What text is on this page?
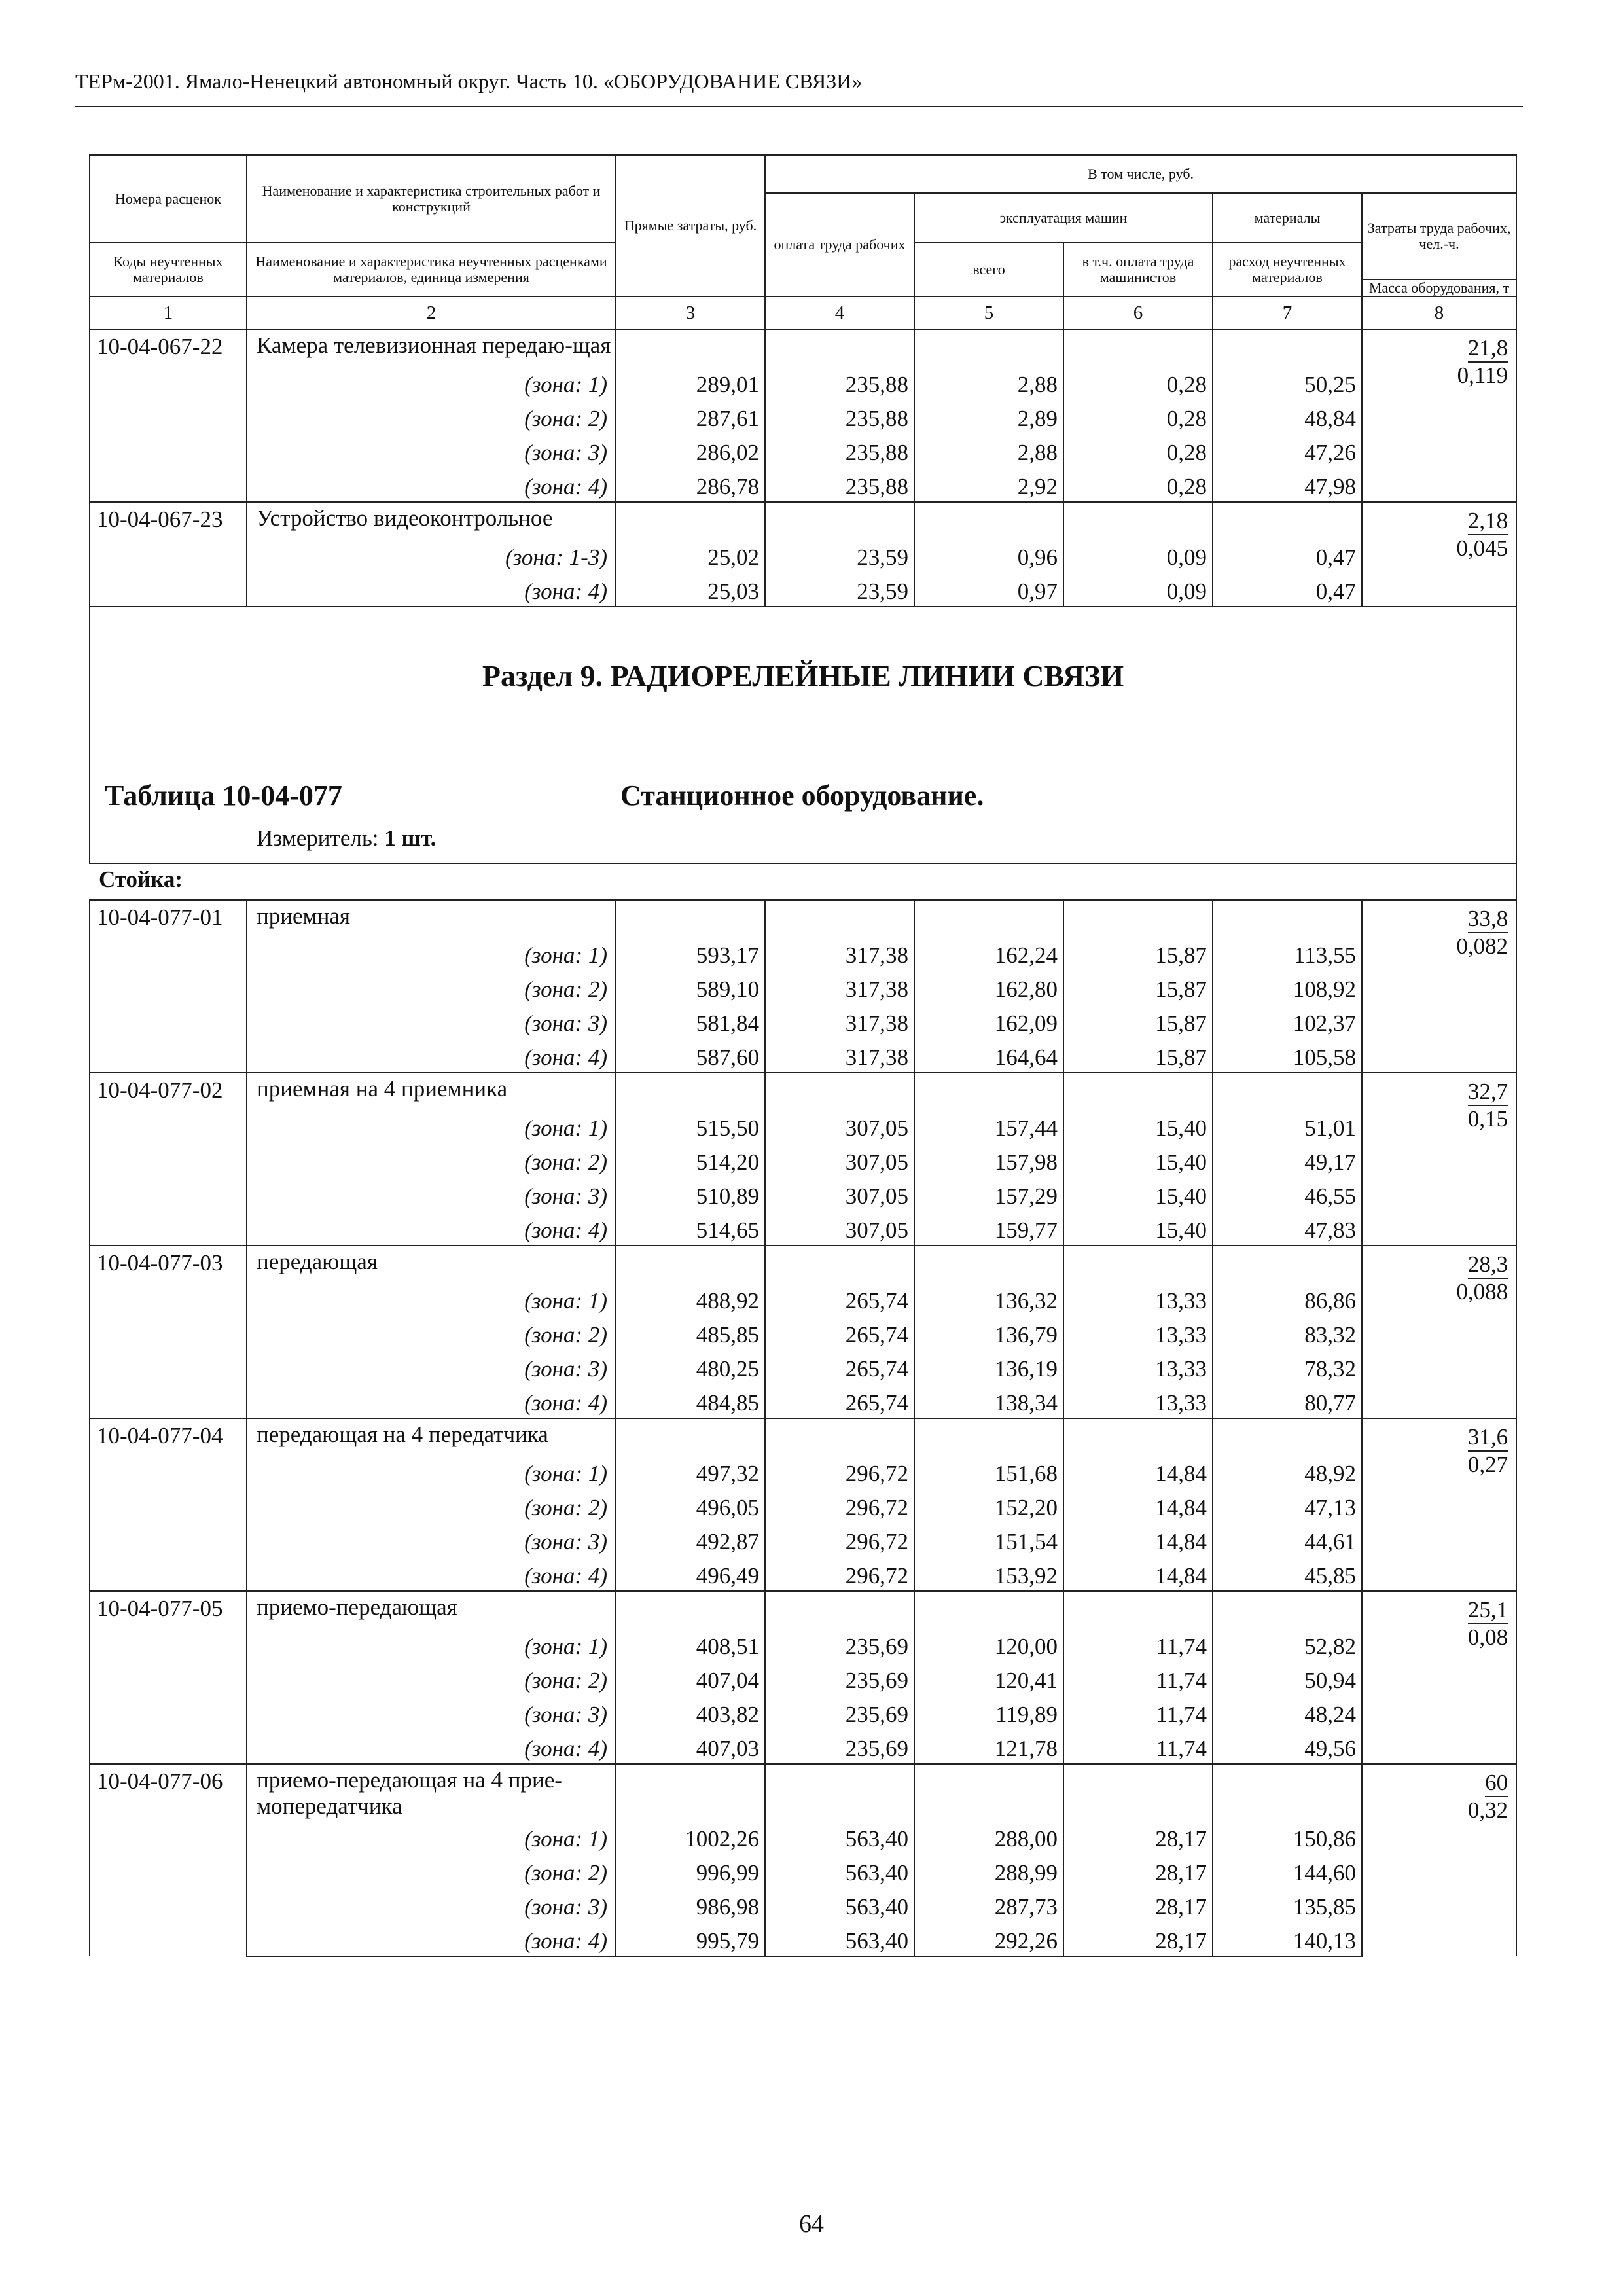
ТЕРм-2001. Ямало-Ненецкий автономный округ. Часть 10. «ОБОРУДОВАНИЕ СВЯЗИ»
Номера расценок	Наименование и характеристика строительных работ и конструкций	Прямые затраты, руб.	В том числе, руб.				
			оплата труда рабочих	эксплуатация машин		материалы	Затраты труда рабочих, чел.-ч.
Коды неучтенных материалов	Наименование и характеристика неучтенных расценками материалов, единица измерения			всего	в т.ч. оплата труда машинистов	расход неучтенных материалов	
							Масса оборудования, т
1	2	3	4	5	6	7	8
10-04-067-22	Камера телевизионная передаю-щая						$\frac{21,8}{0,119}$
	(зона: 1)	289,01	235,88	2,88	0,28	50,25	
	(зона: 2)	287,61	235,88	2,89	0,28	48,84	
	(зона: 3)	286,02	235,88	2,88	0,28	47,26	
	(зона: 4)	286,78	235,88	2,92	0,28	47,98	
10-04-067-23	Устройство видеоконтрольное						$\frac{2,18}{0,045}$
	(зона: 1-3)	25,02	23,59	0,96	0,09	0,47	
	(зона: 4)	25,03	23,59	0,97	0,09	0,47	

Раздел 9. РАДИОРЕЛЕЙНЫЕ ЛИНИИ СВЯЗИ
Таблица 10-04-077 Станционное оборудование.
Измеритель: 1 шт.							

Стойка:							
10-04-077-01	приемная						$\frac{33,8}{0,082}$
	(зона: 1)	593,17	317,38	162,24	15,87	113,55	
	(зона: 2)	589,10	317,38	162,80	15,87	108,92	
	(зона: 3)	581,84	317,38	162,09	15,87	102,37	
	(зона: 4)	587,60	317,38	164,64	15,87	105,58	
10-04-077-02	приемная на 4 приемника						$\frac{32,7}{0,15}$
	(зона: 1)	515,50	307,05	157,44	15,40	51,01	
	(зона: 2)	514,20	307,05	157,98	15,40	49,17	
	(зона: 3)	510,89	307,05	157,29	15,40	46,55	
	(зона: 4)	514,65	307,05	159,77	15,40	47,83	
10-04-077-03	передающая						$\frac{28,3}{0,088}$
	(зона: 1)	488,92	265,74	136,32	13,33	86,86	
	(зона: 2)	485,85	265,74	136,79	13,33	83,32	
	(зона: 3)	480,25	265,74	136,19	13,33	78,32	
	(зона: 4)	484,85	265,74	138,34	13,33	80,77	
10-04-077-04	передающая на 4 передатчика						$\frac{31,6}{0,27}$
	(зона: 1)	497,32	296,72	151,68	14,84	48,92	
	(зона: 2)	496,05	296,72	152,20	14,84	47,13	
	(зона: 3)	492,87	296,72	151,54	14,84	44,61	
	(зона: 4)	496,49	296,72	153,92	14,84	45,85	
10-04-077-05	приемо-передающая						$\frac{25,1}{0,08}$
	(зона: 1)	408,51	235,69	120,00	11,74	52,82	
	(зона: 2)	407,04	235,69	120,41	11,74	50,94	
	(зона: 3)	403,82	235,69	119,89	11,74	48,24	
	(зона: 4)	407,03	235,69	121,78	11,74	49,56	
10-04-077-06	приемо-передающая на 4 прие-мопередатчика						$\frac{60}{0,32}$
	(зона: 1)	1002,26	563,40	288,00	28,17	150,86	
	(зона: 2)	996,99	563,40	288,99	28,17	144,60	
	(зона: 3)	986,98	563,40	287,73	28,17	135,85	
	(зона: 4)	995,79	563,40	292,26	28,17	140,13	
64
